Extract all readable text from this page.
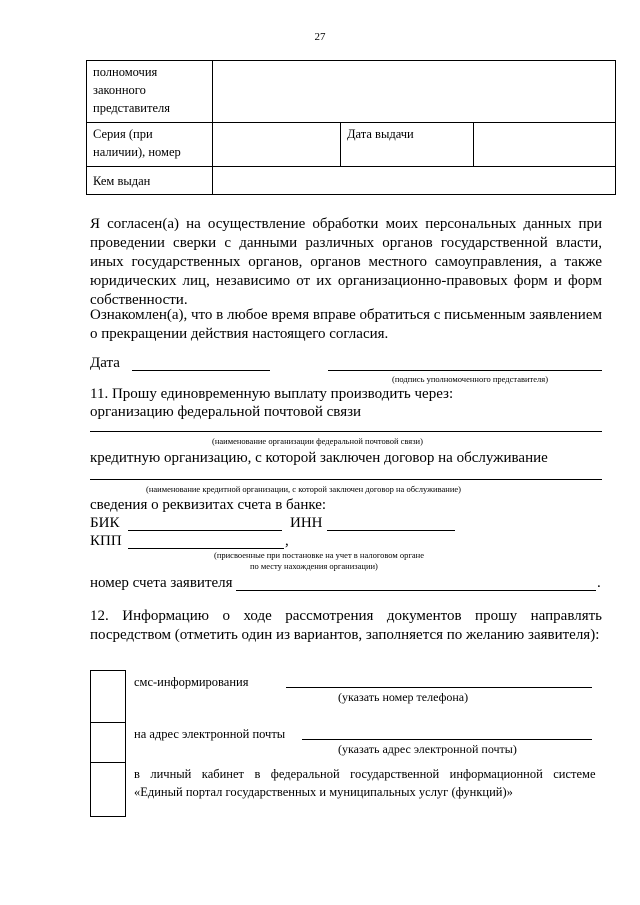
27
полномочия законного представителя			
Серия (при наличии), номер		Дата выдачи	
Кем выдан			
Я согласен(а) на осуществление обработки моих персональных данных при проведении сверки с данными различных органов государственной власти, иных государственных органов, органов местного самоуправления, а также юридических лиц, независимо от их организационно-правовых форм и форм собственности.
Ознакомлен(а), что в любое время вправе обратиться с письменным заявлением о прекращении действия настоящего согласия.
Дата
(подпись уполномоченного представителя)
11. Прошу единовременную выплату производить через:
организацию федеральной почтовой связи
(наименование организации федеральной почтовой связи)
кредитную организацию, с которой заключен договор на обслуживание
(наименование кредитной организации, с которой заключен договор на обслуживание)
сведения о реквизитах счета в банке:
БИК	ИНН
КПП	,
(присвоенные при постановке на учет в налоговом органе
по месту нахождения организации)
номер счета заявителя	.
12. Информацию о ходе рассмотрения документов прошу направлять посредством (отметить один из вариантов, заполняется по желанию заявителя):
	смс-информирования
(указать номер телефона)

	на адрес электронной почты
(указать адрес электронной почты)

	в личный кабинет в федеральной государственной информационной системе «Единый портал государственных и муниципальных услуг (функций)»
